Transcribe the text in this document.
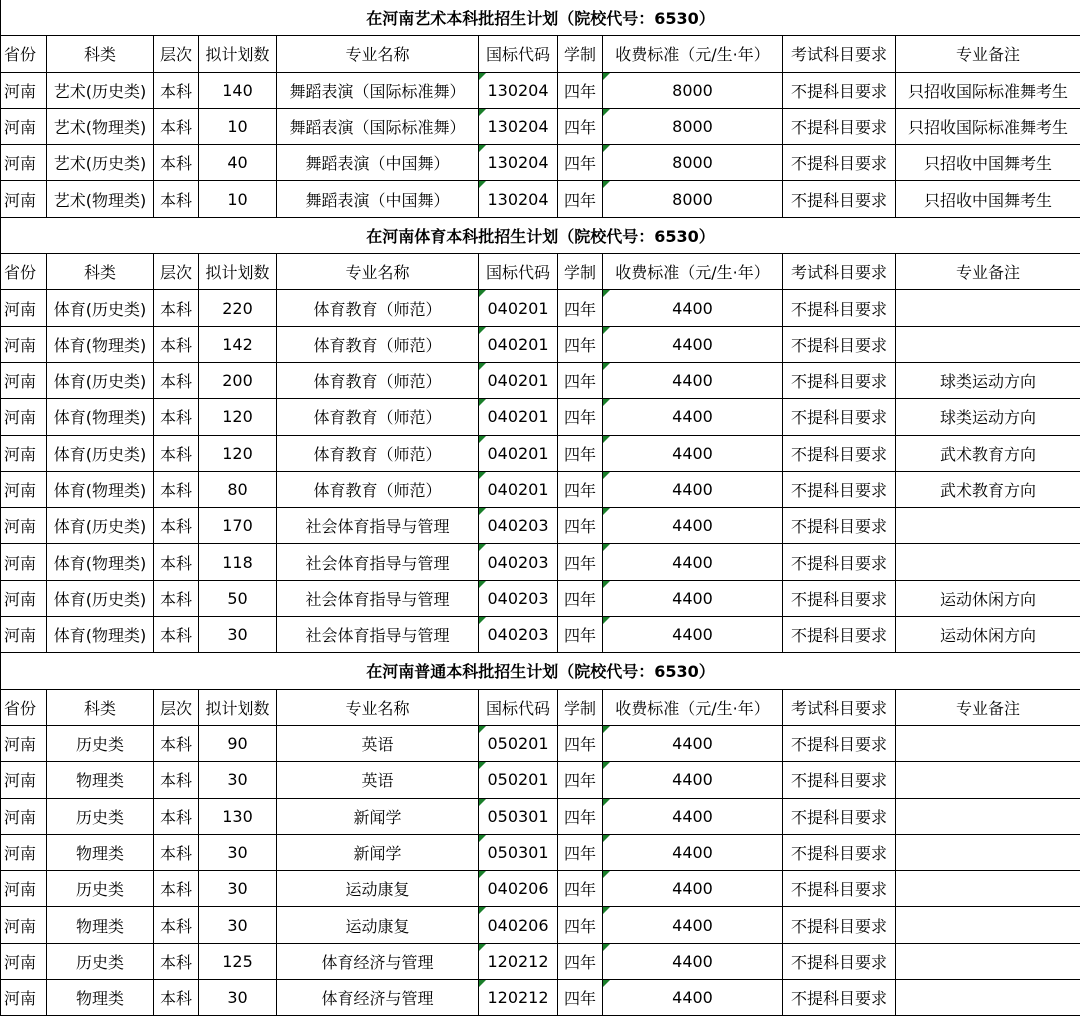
在河南艺术本科批招生计划（院校代号：6530）									
省份	科类	层次	拟计划数	专业名称	国标代码	学制	收费标准（元/生·年）	考试科目要求	专业备注
河南	艺术(历史类)	本科	140	舞蹈表演（国际标准舞）	130204	四年	8000	不提科目要求	只招收国际标准舞考生
河南	艺术(物理类)	本科	10	舞蹈表演（国际标准舞）	130204	四年	8000	不提科目要求	只招收国际标准舞考生
河南	艺术(历史类)	本科	40	舞蹈表演（中国舞）	130204	四年	8000	不提科目要求	只招收中国舞考生
河南	艺术(物理类)	本科	10	舞蹈表演（中国舞）	130204	四年	8000	不提科目要求	只招收中国舞考生
在河南体育本科批招生计划（院校代号：6530）									
省份	科类	层次	拟计划数	专业名称	国标代码	学制	收费标准（元/生·年）	考试科目要求	专业备注
河南	体育(历史类)	本科	220	体育教育（师范）	040201	四年	4400	不提科目要求	
河南	体育(物理类)	本科	142	体育教育（师范）	040201	四年	4400	不提科目要求	
河南	体育(历史类)	本科	200	体育教育（师范）	040201	四年	4400	不提科目要求	球类运动方向
河南	体育(物理类)	本科	120	体育教育（师范）	040201	四年	4400	不提科目要求	球类运动方向
河南	体育(历史类)	本科	120	体育教育（师范）	040201	四年	4400	不提科目要求	武术教育方向
河南	体育(物理类)	本科	80	体育教育（师范）	040201	四年	4400	不提科目要求	武术教育方向
河南	体育(历史类)	本科	170	社会体育指导与管理	040203	四年	4400	不提科目要求	
河南	体育(物理类)	本科	118	社会体育指导与管理	040203	四年	4400	不提科目要求	
河南	体育(历史类)	本科	50	社会体育指导与管理	040203	四年	4400	不提科目要求	运动休闲方向
河南	体育(物理类)	本科	30	社会体育指导与管理	040203	四年	4400	不提科目要求	运动休闲方向
在河南普通本科批招生计划（院校代号：6530）									
省份	科类	层次	拟计划数	专业名称	国标代码	学制	收费标准（元/生·年）	考试科目要求	专业备注
河南	历史类	本科	90	英语	050201	四年	4400	不提科目要求	
河南	物理类	本科	30	英语	050201	四年	4400	不提科目要求	
河南	历史类	本科	130	新闻学	050301	四年	4400	不提科目要求	
河南	物理类	本科	30	新闻学	050301	四年	4400	不提科目要求	
河南	历史类	本科	30	运动康复	040206	四年	4400	不提科目要求	
河南	物理类	本科	30	运动康复	040206	四年	4400	不提科目要求	
河南	历史类	本科	125	体育经济与管理	120212	四年	4400	不提科目要求	
河南	物理类	本科	30	体育经济与管理	120212	四年	4400	不提科目要求	
